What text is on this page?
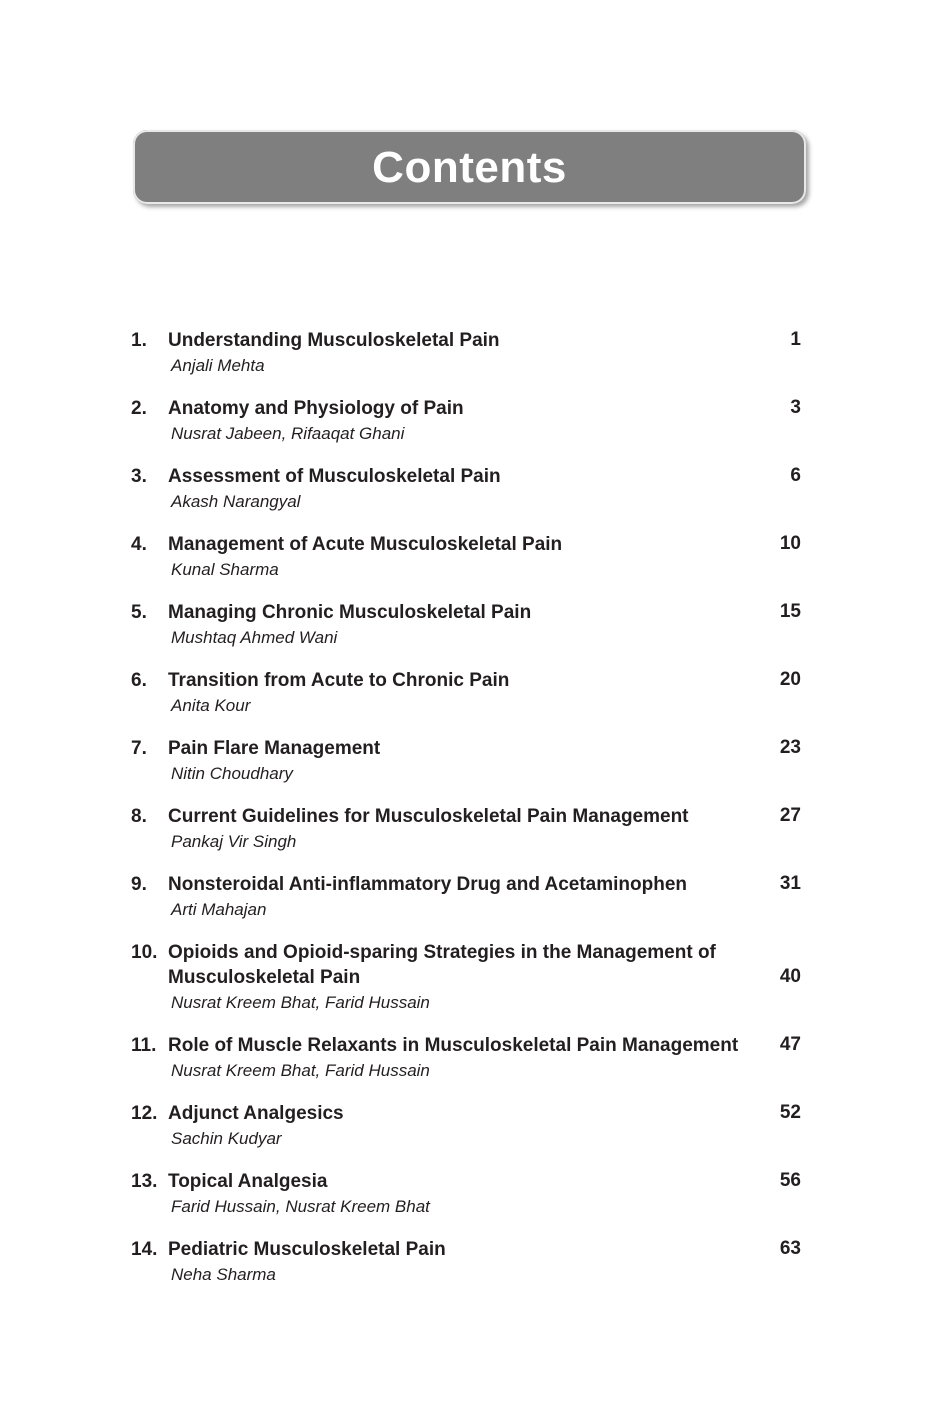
Contents
1. Understanding Musculoskeletal Pain
Anjali Mehta
1
2. Anatomy and Physiology of Pain
Nusrat Jabeen, Rifaaqat Ghani
3
3. Assessment of Musculoskeletal Pain
Akash Narangyal
6
4. Management of Acute Musculoskeletal Pain
Kunal Sharma
10
5. Managing Chronic Musculoskeletal Pain
Mushtaq Ahmed Wani
15
6. Transition from Acute to Chronic Pain
Anita Kour
20
7. Pain Flare Management
Nitin Choudhary
23
8. Current Guidelines for Musculoskeletal Pain Management
Pankaj Vir Singh
27
9. Nonsteroidal Anti-inflammatory Drug and Acetaminophen
Arti Mahajan
31
10. Opioids and Opioid-sparing Strategies in the Management of Musculoskeletal Pain
Nusrat Kreem Bhat, Farid Hussain
40
11. Role of Muscle Relaxants in Musculoskeletal Pain Management
Nusrat Kreem Bhat, Farid Hussain
47
12. Adjunct Analgesics
Sachin Kudyar
52
13. Topical Analgesia
Farid Hussain, Nusrat Kreem Bhat
56
14. Pediatric Musculoskeletal Pain
Neha Sharma
63
